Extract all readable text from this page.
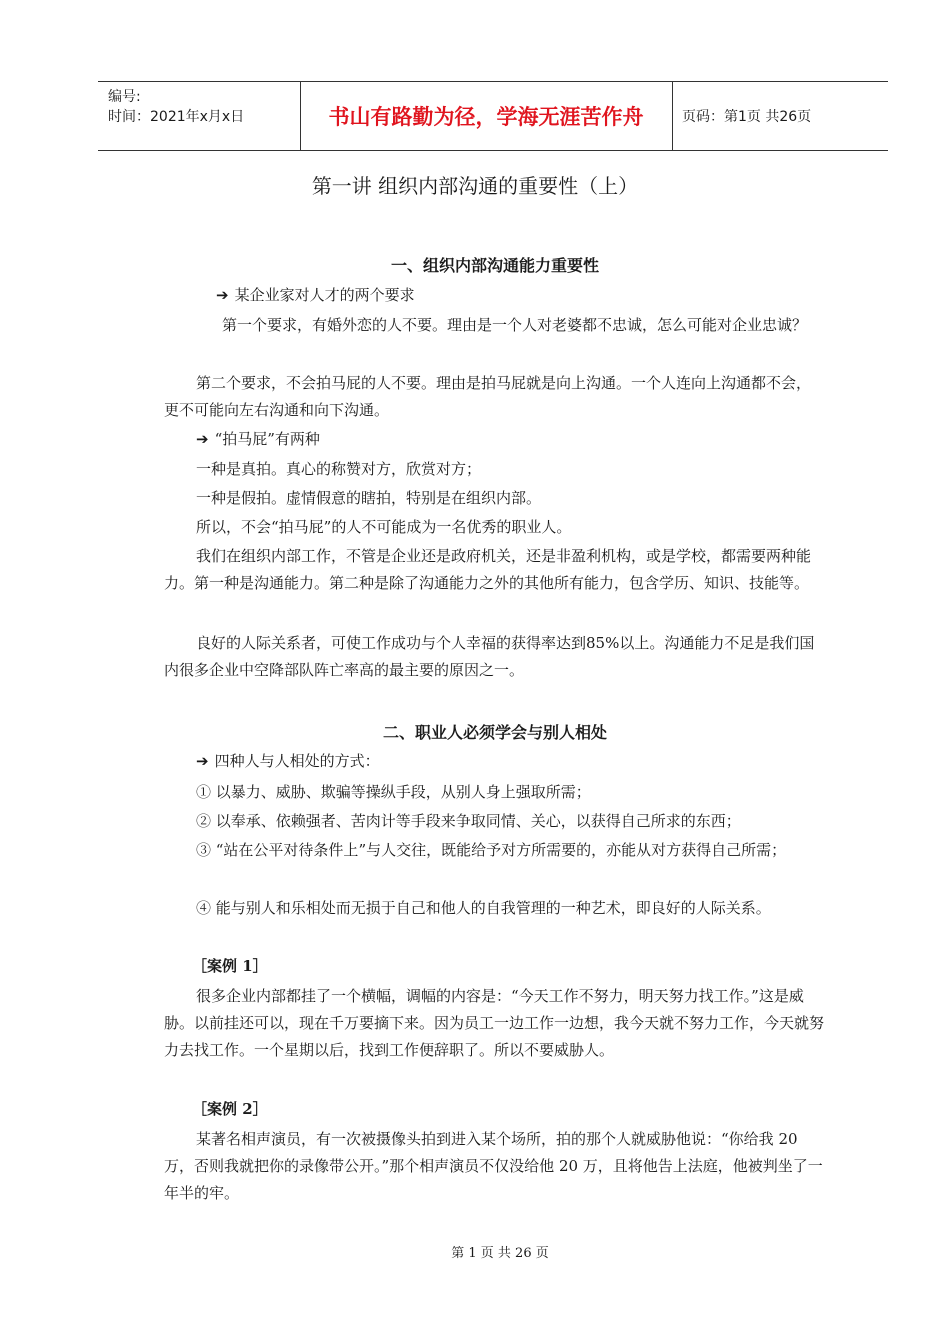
编号:
时间：2021年x月x日	书山有路勤为径，学海无涯苦作舟	页码：第1页 共26页
第一讲 组织内部沟通的重要性（上）
一、组织内部沟通能力重要性
➔ 某企业家对人才的两个要求
第一个要求，有婚外恋的人不要。理由是一个人对老婆都不忠诚，怎么可能对企业忠诚？
第二个要求，不会拍马屁的人不要。理由是拍马屁就是向上沟通。一个人连向上沟通都不会，更不可能向左右沟通和向下沟通。
➔ “拍马屁”有两种
一种是真拍。真心的称赞对方，欣赏对方；
一种是假拍。虚情假意的瞎拍，特别是在组织内部。
所以，不会“拍马屁”的人不可能成为一名优秀的职业人。
我们在组织内部工作，不管是企业还是政府机关，还是非盈利机构，或是学校，都需要两种能力。第一种是沟通能力。第二种是除了沟通能力之外的其他所有能力，包含学历、知识、技能等。
良好的人际关系者，可使工作成功与个人幸福的获得率达到85%以上。沟通能力不足是我们国内很多企业中空降部队阵亡率高的最主要的原因之一。
二、职业人必须学会与别人相处
➔ 四种人与人相处的方式：
① 以暴力、威胁、欺骗等操纵手段，从别人身上强取所需；
② 以奉承、依赖强者、苦肉计等手段来争取同情、关心，以获得自己所求的东西；
③ “站在公平对待条件上”与人交往，既能给予对方所需要的，亦能从对方获得自己所需；
④ 能与别人和乐相处而无损于自己和他人的自我管理的一种艺术，即良好的人际关系。
［案例 1］
很多企业内部都挂了一个横幅，调幅的内容是：“今天工作不努力，明天努力找工作。”这是威胁。以前挂还可以，现在千万要摘下来。因为员工一边工作一边想，我今天就不努力工作，今天就努力去找工作。一个星期以后，找到工作便辞职了。所以不要威胁人。
［案例 2］
某著名相声演员，有一次被摄像头拍到进入某个场所，拍的那个人就威胁他说：“你给我 20 万，否则我就把你的录像带公开。”那个相声演员不仅没给他 20 万，且将他告上法庭，他被判坐了一年半的牢。
第 1 页 共 26 页
